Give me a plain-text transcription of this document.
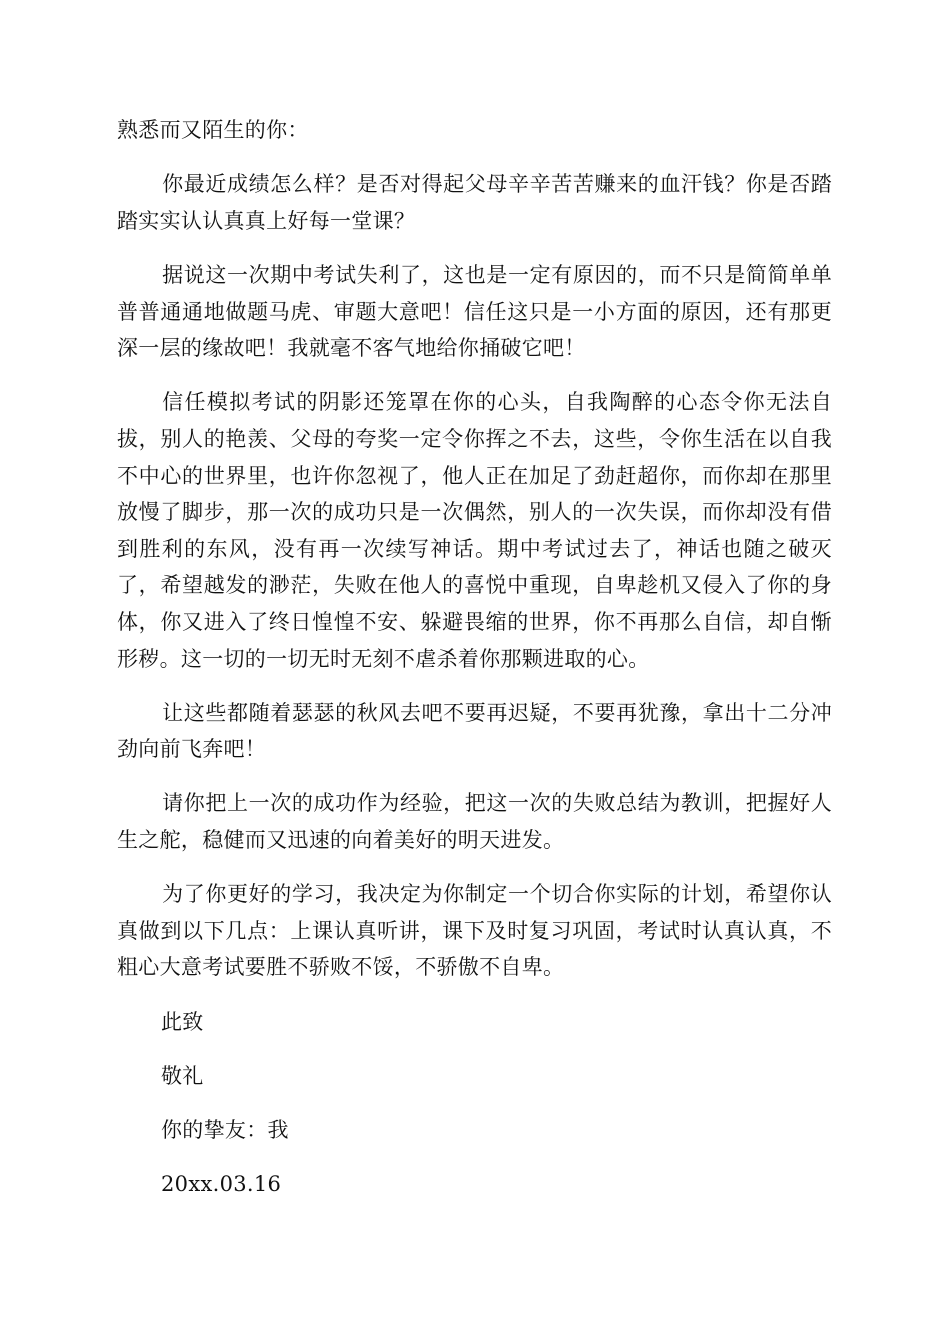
熟悉而又陌生的你：

你最近成绩怎么样？是否对得起父母辛辛苦苦赚来的血汗钱？你是否踏踏实实认认真真上好每一堂课？

据说这一次期中考试失利了，这也是一定有原因的，而不只是简简单单普普通通地做题马虎、审题大意吧！信任这只是一小方面的原因，还有那更深一层的缘故吧！我就毫不客气地给你捅破它吧！

信任模拟考试的阴影还笼罩在你的心头，自我陶醉的心态令你无法自拔，别人的艳羡、父母的夸奖一定令你挥之不去，这些，令你生活在以自我不中心的世界里，也许你忽视了，他人正在加足了劲赶超你，而你却在那里放慢了脚步，那一次的成功只是一次偶然，别人的一次失误，而你却没有借到胜利的东风，没有再一次续写神话。期中考试过去了，神话也随之破灭了，希望越发的渺茫，失败在他人的喜悦中重现，自卑趁机又侵入了你的身体，你又进入了终日惶惶不安、躲避畏缩的世界，你不再那么自信，却自惭形秽。这一切的一切无时无刻不虐杀着你那颗进取的心。

让这些都随着瑟瑟的秋风去吧不要再迟疑，不要再犹豫，拿出十二分冲劲向前飞奔吧！

请你把上一次的成功作为经验，把这一次的失败总结为教训，把握好人生之舵，稳健而又迅速的向着美好的明天进发。

为了你更好的学习，我决定为你制定一个切合你实际的计划，希望你认真做到以下几点：上课认真听讲，课下及时复习巩固，考试时认真认真，不粗心大意考试要胜不骄败不馁，不骄傲不自卑。

此致

敬礼

你的挚友：我

20xx.03.16
